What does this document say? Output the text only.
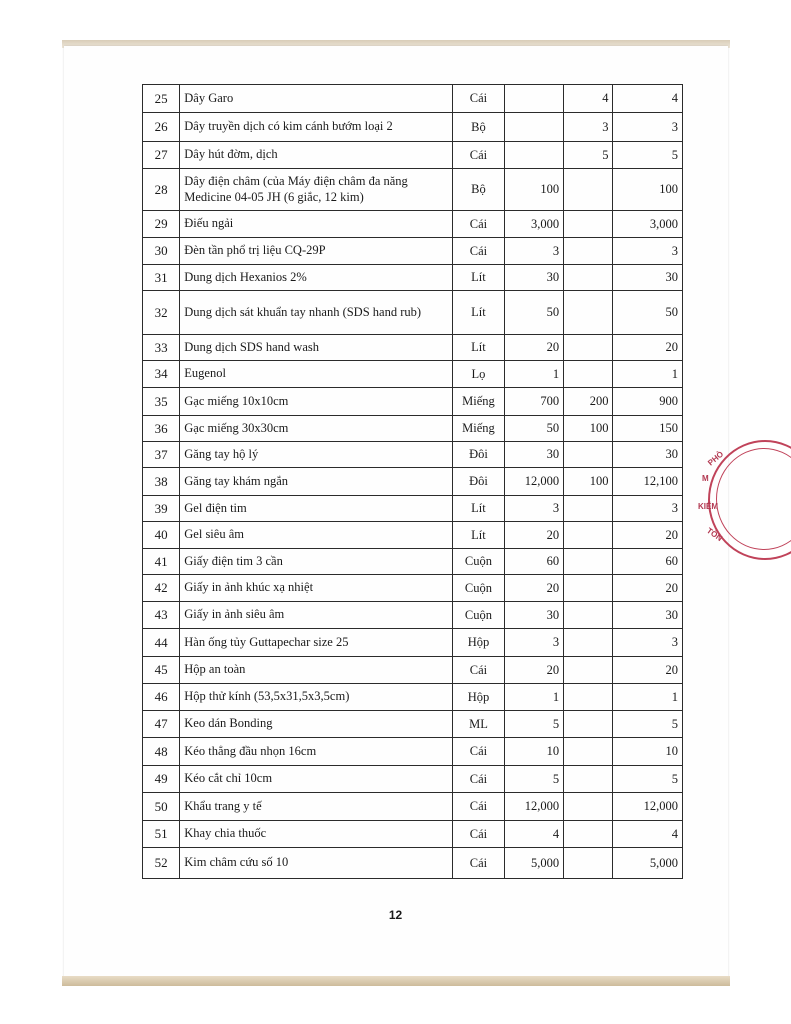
25	Dây Garo	Cái		4	4
26	Dây truyền dịch có kim cánh bướm loại 2	Bộ		3	3
27	Dây hút đờm, dịch	Cái		5	5
28	Dây điện châm (của Máy điện châm đa năng Medicine 04-05 JH (6 giắc, 12 kim)	Bộ	100		100
29	Điếu ngải	Cái	3,000		3,000
30	Đèn tần phổ trị liệu CQ-29P	Cái	3		3
31	Dung dịch Hexanios 2%	Lít	30		30
32	Dung dịch sát khuẩn tay nhanh (SDS hand rub)	Lít	50		50
33	Dung dịch SDS hand wash	Lít	20		20
34	Eugenol	Lọ	1		1
35	Gạc miếng 10x10cm	Miếng	700	200	900
36	Gạc miếng 30x30cm	Miếng	50	100	150
37	Găng tay hộ lý	Đôi	30		30
38	Găng tay khám ngắn	Đôi	12,000	100	12,100
39	Gel điện tim	Lít	3		3
40	Gel siêu âm	Lít	20		20
41	Giấy điện tim 3 cần	Cuộn	60		60
42	Giấy in ảnh khúc xạ nhiệt	Cuộn	20		20
43	Giấy in ảnh siêu âm	Cuộn	30		30
44	Hàn ống tủy Guttapechar size 25	Hộp	3		3
45	Hộp an toàn	Cái	20		20
46	Hộp thử kính (53,5x31,5x3,5cm)	Hộp	1		1
47	Keo dán Bonding	ML	5		5
48	Kéo thẳng đầu nhọn 16cm	Cái	10		10
49	Kéo cắt chỉ 10cm	Cái	5		5
50	Khẩu trang y tế	Cái	12,000		12,000
51	Khay chia thuốc	Cái	4		4
52	Kim châm cứu số 10	Cái	5,000		5,000
PHÒ
M
KIỂM
TỔN
12
